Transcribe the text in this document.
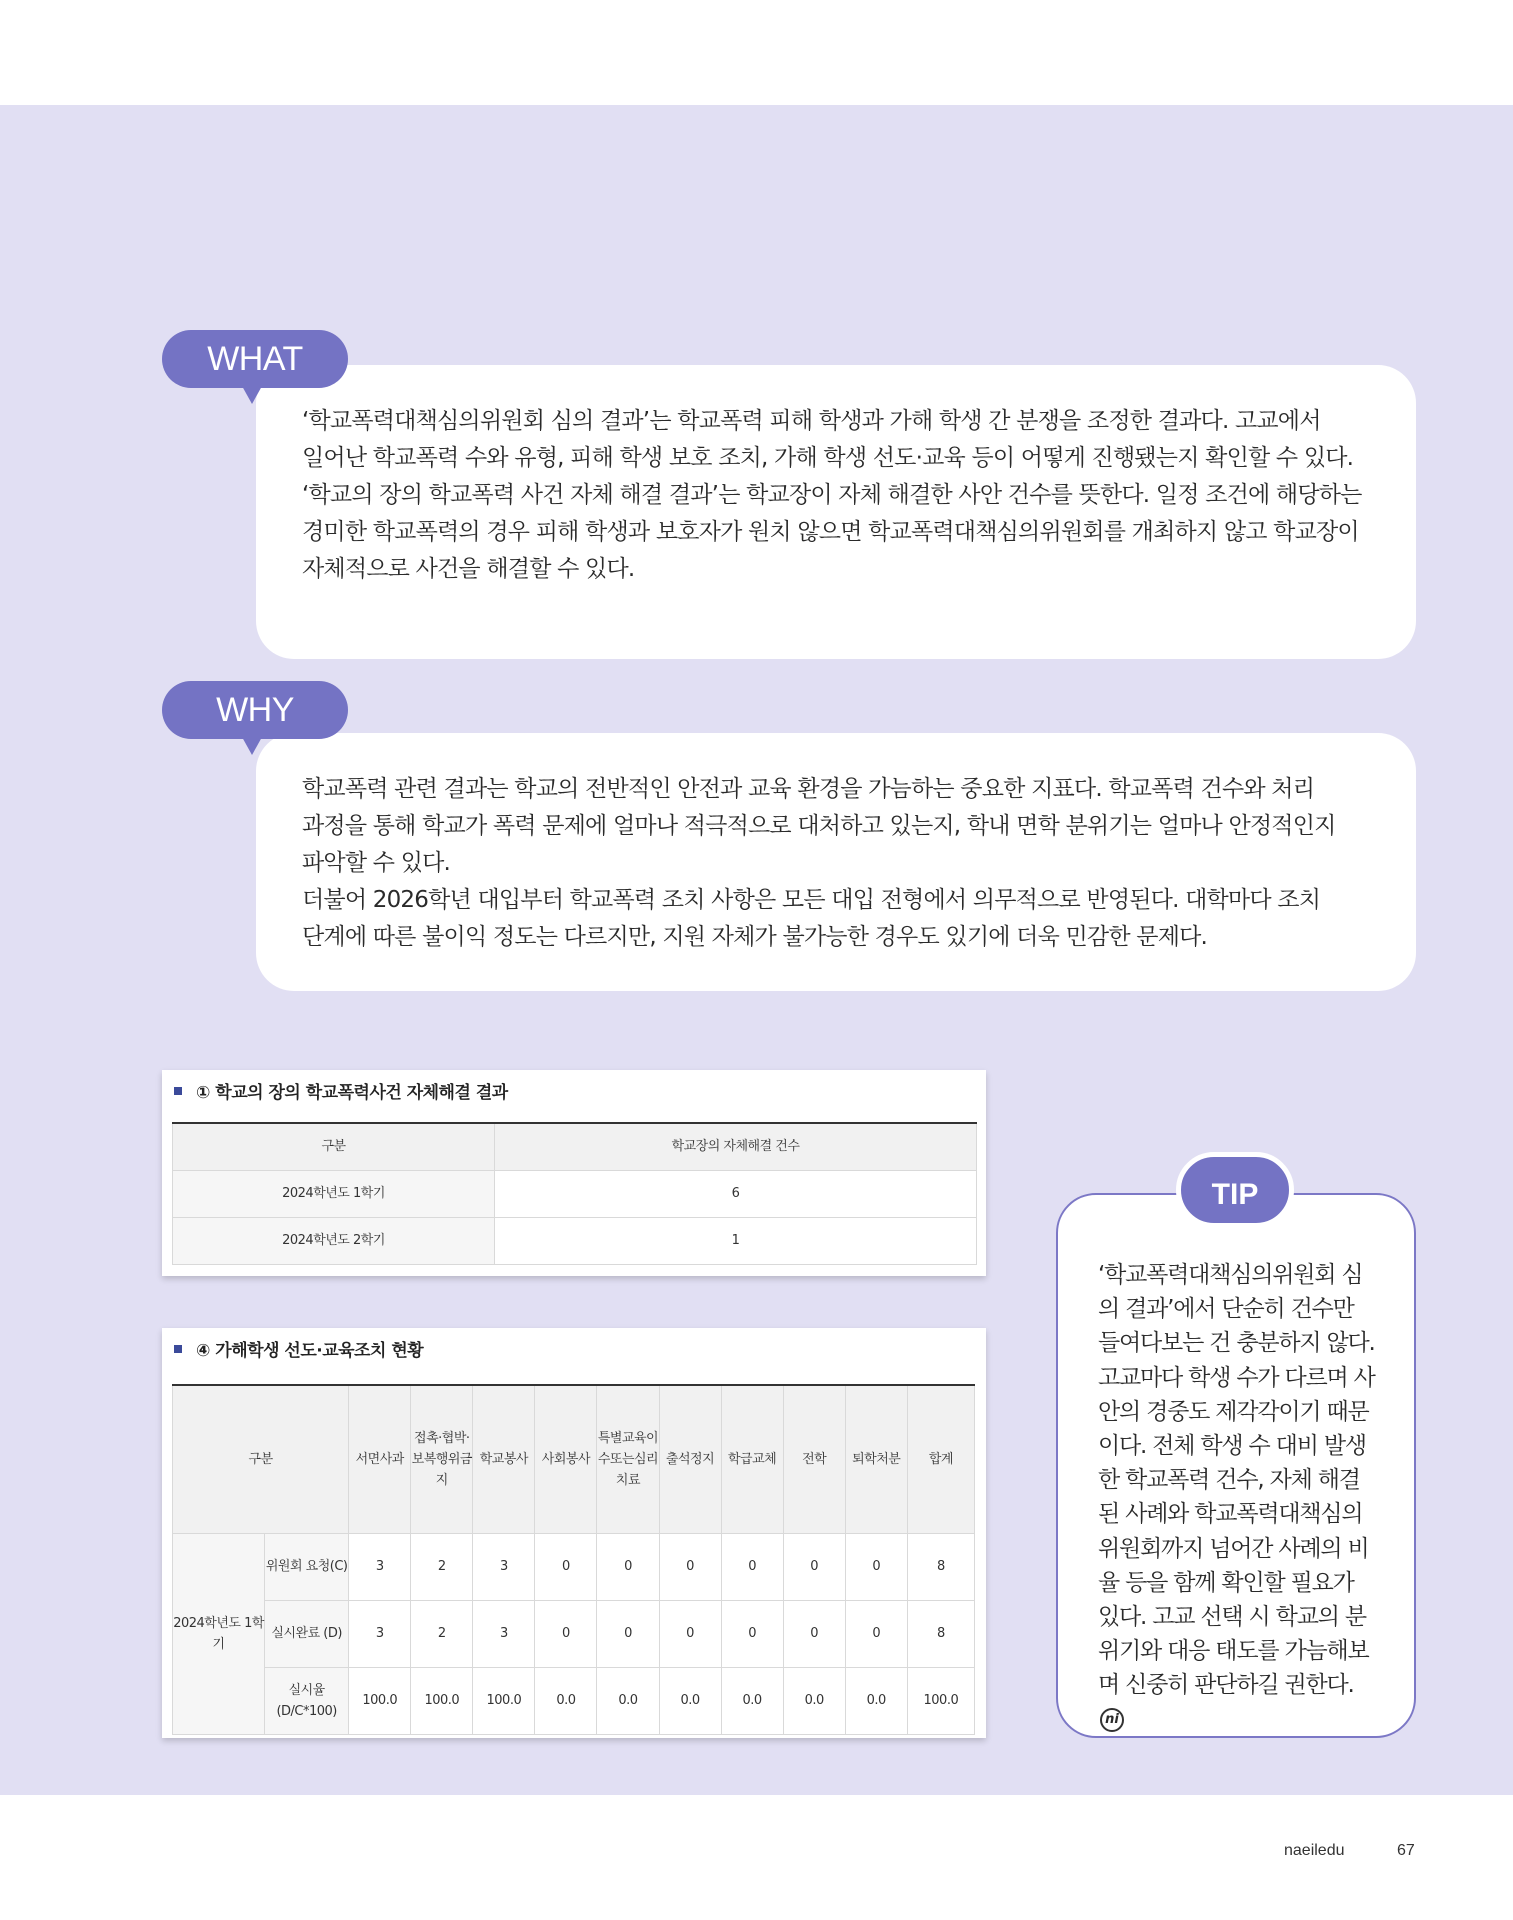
WHAT

‘학교폭력대책심의위원회 심의 결과’는 학교폭력 피해 학생과 가해 학생 간 분쟁을 조정한 결과다. 고교에서 일어난 학교폭력 수와 유형, 피해 학생 보호 조치, 가해 학생 선도·교육 등이 어떻게 진행됐는지 확인할 수 있다.

‘학교의 장의 학교폭력 사건 자체 해결 결과’는 학교장이 자체 해결한 사안 건수를 뜻한다. 일정 조건에 해당하는 경미한 학교폭력의 경우 피해 학생과 보호자가 원치 않으면 학교폭력대책심의위원회를 개최하지 않고 학교장이 자체적으로 사건을 해결할 수 있다.

WHY

학교폭력 관련 결과는 학교의 전반적인 안전과 교육 환경을 가늠하는 중요한 지표다. 학교폭력 건수와 처리 과정을 통해 학교가 폭력 문제에 얼마나 적극적으로 대처하고 있는지, 학내 면학 분위기는 얼마나 안정적인지 파악할 수 있다.

더불어 2026학년 대입부터 학교폭력 조치 사항은 모든 대입 전형에서 의무적으로 반영된다. 대학마다 조치 단계에 따른 불이익 정도는 다르지만, 지원 자체가 불가능한 경우도 있기에 더욱 민감한 문제다.

① 학교의 장의 학교폭력사건 자체해결 결과
구분	학교장의 자체해결 건수
2024학년도 1학기	6
2024학년도 2학기	1
④ 가해학생 선도·교육조치 현황
구분		서면사과	접촉·협박·보복행위금지	학교봉사	사회봉사	특별교육이수또는심리치료	출석정지	학급교체	전학	퇴학처분	합계
2024학년도 1학기	위원회 요청(C)	3	2	3	0	0	0	0	0	0	8
	실시완료 (D)	3	2	3	0	0	0	0	0	0	8
	실시율 (D/C*100)	100.0	100.0	100.0	0.0	0.0	0.0	0.0	0.0	0.0	100.0
TIP
‘학교폭력대책심의위원회 심의 결과’에서 단순히 건수만 들여다보는 건 충분하지 않다. 고교마다 학생 수가 다르며 사안의 경중도 제각각이기 때문이다. 전체 학생 수 대비 발생한 학교폭력 건수, 자체 해결된 사례와 학교폭력대책심의 위원회까지 넘어간 사례의 비율 등을 함께 확인할 필요가 있다. 고교 선택 시 학교의 분위기와 대응 태도를 가늠해보며 신중히 판단하길 권한다.ni
naeiledu	67
